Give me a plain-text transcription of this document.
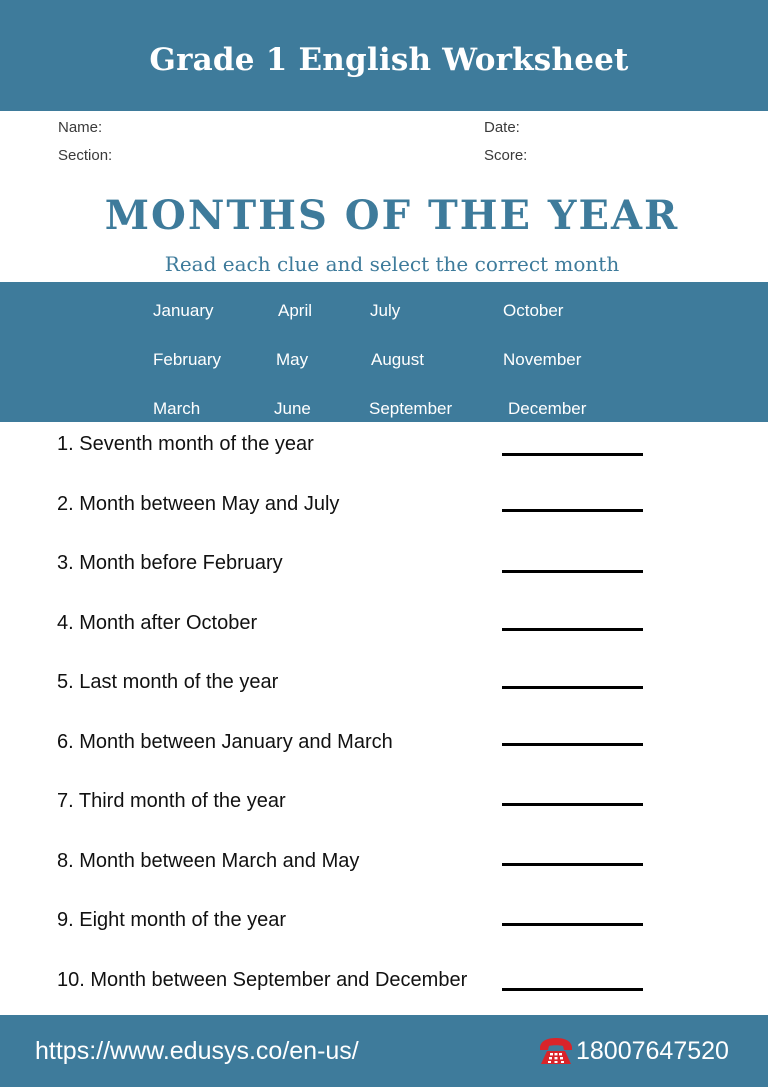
Grade 1 English Worksheet
Name:	Date:
Section:	Score:
MONTHS OF THE YEAR
Read each clue and select the correct month
January	April	July	October
February	May	August	November
March	June	September	December
1. Seventh month of the year
2. Month between May and July
3. Month before February
4. Month after October
5. Last month of the year
6. Month between January and March
7. Third month of the year
8. Month between March and May
9. Eight month of the year
10. Month between September and December
https://www.edusys.co/en-us/	18007647520
